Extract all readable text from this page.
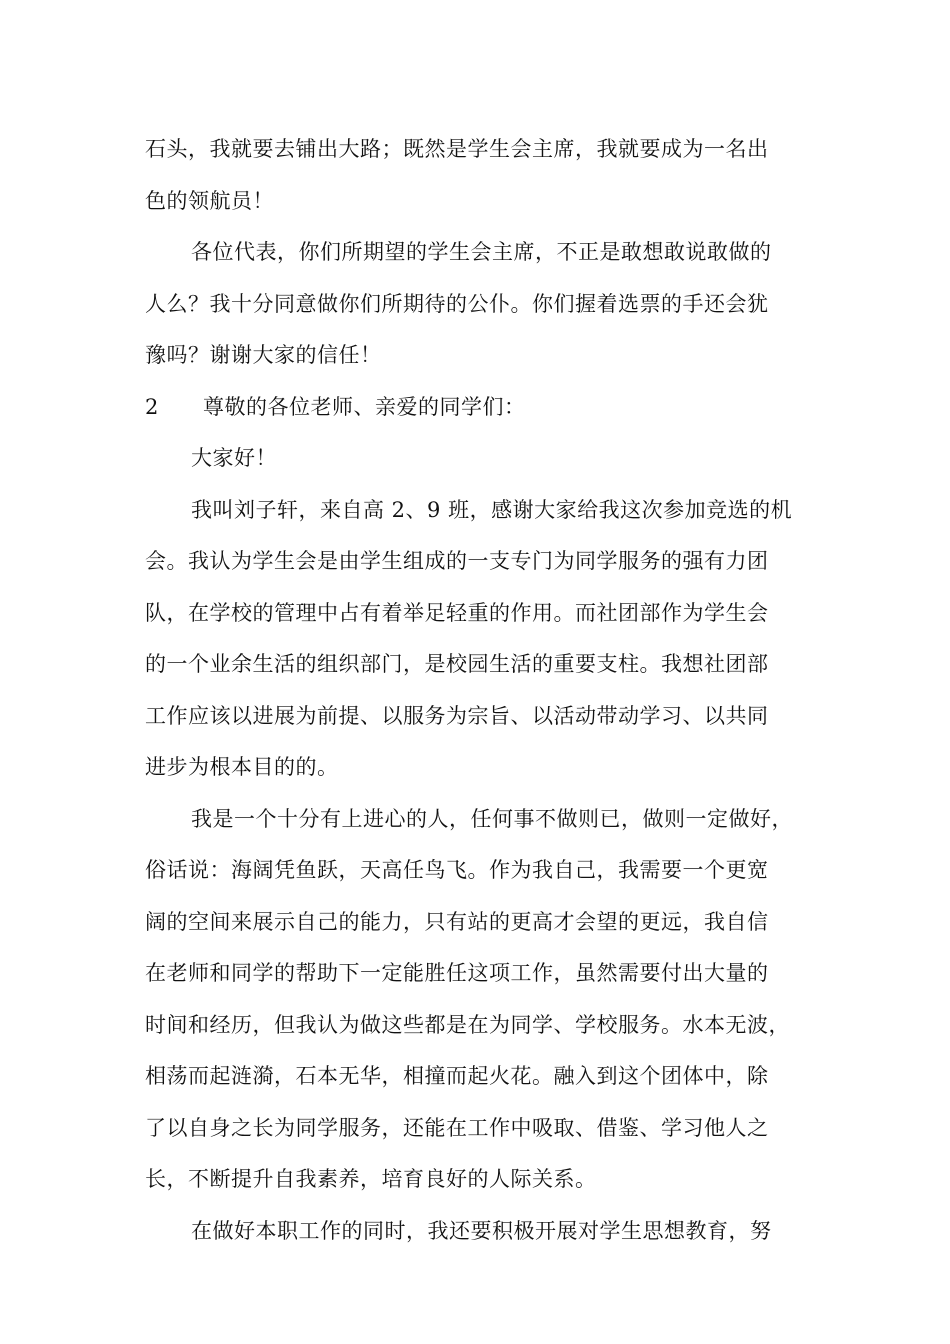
石头，我就要去铺出大路；既然是学生会主席，我就要成为一名出
色的领航员！
各位代表，你们所期望的学生会主席，不正是敢想敢说敢做的
人么？我十分同意做你们所期待的公仆。你们握着选票的手还会犹
豫吗？谢谢大家的信任！
2	尊敬的各位老师、亲爱的同学们：
大家好！
我叫刘子轩，来自高 2、9 班，感谢大家给我这次参加竞选的机
会。我认为学生会是由学生组成的一支专门为同学服务的强有力团
队，在学校的管理中占有着举足轻重的作用。而社团部作为学生会
的一个业余生活的组织部门，是校园生活的重要支柱。我想社团部
工作应该以进展为前提、以服务为宗旨、以活动带动学习、以共同
进步为根本目的的。
我是一个十分有上进心的人，任何事不做则已，做则一定做好，
俗话说：海阔凭鱼跃，天高任鸟飞。作为我自己，我需要一个更宽
阔的空间来展示自己的能力，只有站的更高才会望的更远，我自信
在老师和同学的帮助下一定能胜任这项工作，虽然需要付出大量的
时间和经历，但我认为做这些都是在为同学、学校服务。水本无波，
相荡而起涟漪，石本无华，相撞而起火花。融入到这个团体中，除
了以自身之长为同学服务，还能在工作中吸取、借鉴、学习他人之
长，不断提升自我素养，培育良好的人际关系。
在做好本职工作的同时，我还要积极开展对学生思想教育，努
